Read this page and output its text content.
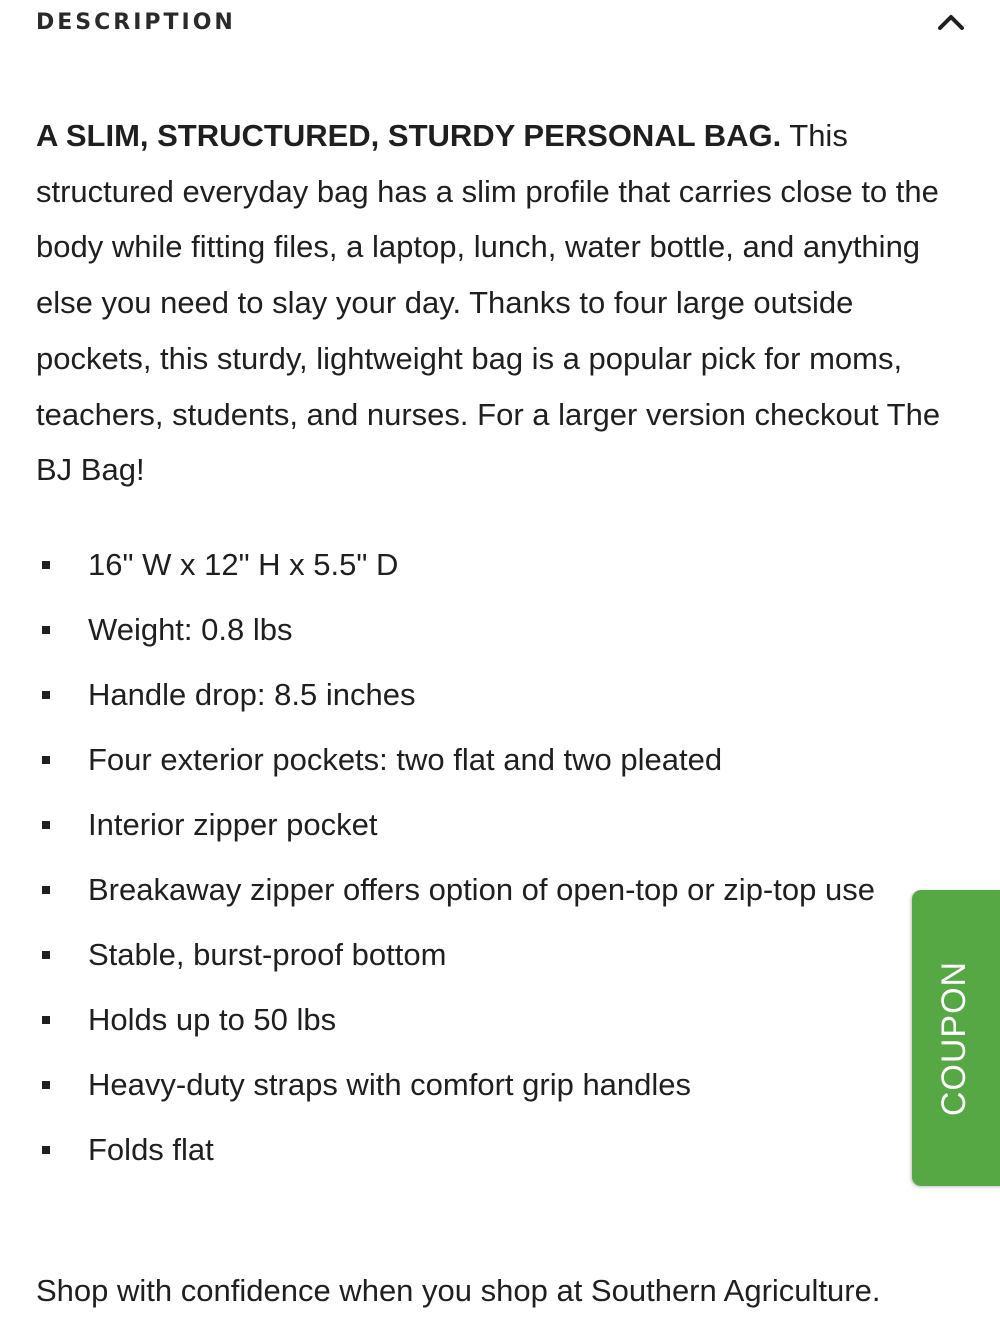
DESCRIPTION

A SLIM, STRUCTURED, STURDY PERSONAL BAG. This structured everyday bag has a slim profile that carries close to the body while fitting files, a laptop, lunch, water bottle, and anything else you need to slay your day. Thanks to four large outside pockets, this sturdy, lightweight bag is a popular pick for moms, teachers, students, and nurses. For a larger version checkout The BJ Bag!

16" W x 12" H x 5.5" D
Weight: 0.8 lbs
Handle drop: 8.5 inches
Four exterior pockets: two flat and two pleated
Interior zipper pocket
Breakaway zipper offers option of open-top or zip-top use
Stable, burst-proof bottom
Holds up to 50 lbs
Heavy-duty straps with comfort grip handles
Folds flat

Shop with confidence when you shop at Southern Agriculture.

COUPON
